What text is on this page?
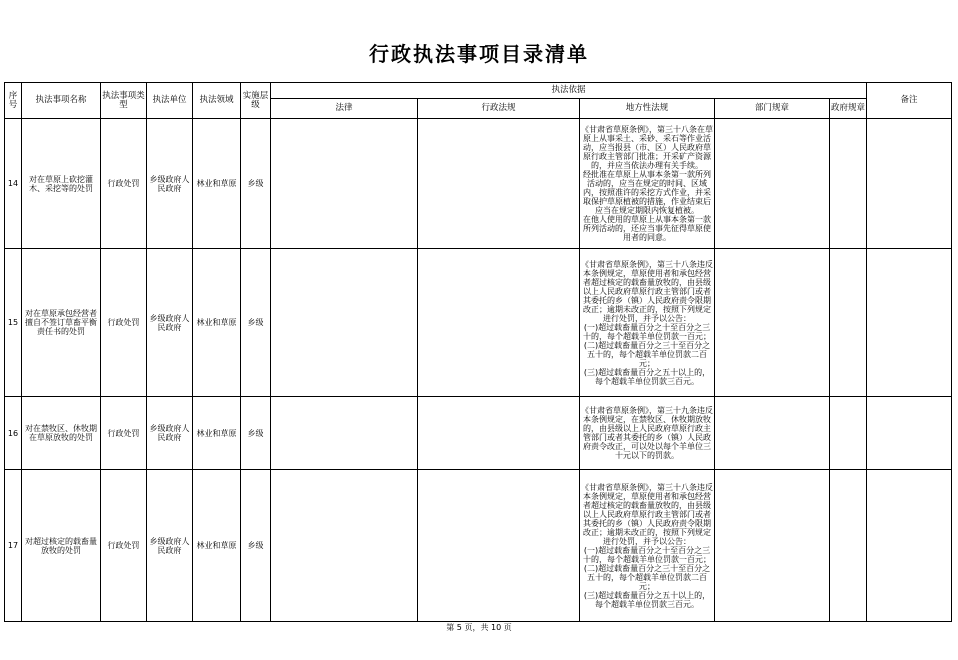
行政执法事项目录清单
序号	执法事项名称	执法事项类型	执法单位	执法领域	实施层级	执法依据					备注
						法律	行政法规	地方性法规	部门规章	政府规章	
14	对在草原上砍挖灌木、采挖等的处罚	行政处罚	乡级政府人民政府	林业和草原	乡级			《甘肃省草原条例》，第三十八条在草原上从事采土、采砂、采石等作业活动，应当报县（市、区）人民政府草原行政主管部门批准；开采矿产资源的，并应当依法办理有关手续。
经批准在草原上从事本条第一款所列活动的，应当在规定的时间、区域内，按照准许的采挖方式作业，并采取保护草原植被的措施，作业结束后应当在规定期限内恢复植被。
在他人使用的草原上从事本条第一款所列活动的，还应当事先征得草原使用者的同意。			
15	对在草原承包经营者擅自不签订草畜平衡责任书的处罚	行政处罚	乡级政府人民政府	林业和草原	乡级			《甘肃省草原条例》，第三十八条违反本条例规定，草原使用者和承包经营者超过核定的载畜量放牧的，由县级以上人民政府草原行政主管部门或者其委托的乡（镇）人民政府责令限期改正；逾期未改正的，按照下列规定进行处罚，并予以公告：
(一)超过载畜量百分之十至百分之三十的，每个超载羊单位罚款一百元；
(二)超过载畜量百分之三十至百分之五十的，每个超载羊单位罚款二百元；
(三)超过载畜量百分之五十以上的，每个超载羊单位罚款三百元。			
16	对在禁牧区、休牧期在草原放牧的处罚	行政处罚	乡级政府人民政府	林业和草原	乡级			《甘肃省草原条例》，第三十九条违反本条例规定，在禁牧区、休牧期放牧的，由县级以上人民政府草原行政主管部门或者其委托的乡（镇）人民政府责令改正，可以处以每个羊单位三十元以下的罚款。			
17	对超过核定的载畜量放牧的处罚	行政处罚	乡级政府人民政府	林业和草原	乡级			《甘肃省草原条例》，第三十八条违反本条例规定，草原使用者和承包经营者超过核定的载畜量放牧的，由县级以上人民政府草原行政主管部门或者其委托的乡（镇）人民政府责令限期改正；逾期未改正的，按照下列规定进行处罚，并予以公告：
(一)超过载畜量百分之十至百分之三十的，每个超载羊单位罚款一百元；
(二)超过载畜量百分之三十至百分之五十的，每个超载羊单位罚款二百元；
(三)超过载畜量百分之五十以上的，每个超载羊单位罚款三百元。			
第 5 页，共 10 页
